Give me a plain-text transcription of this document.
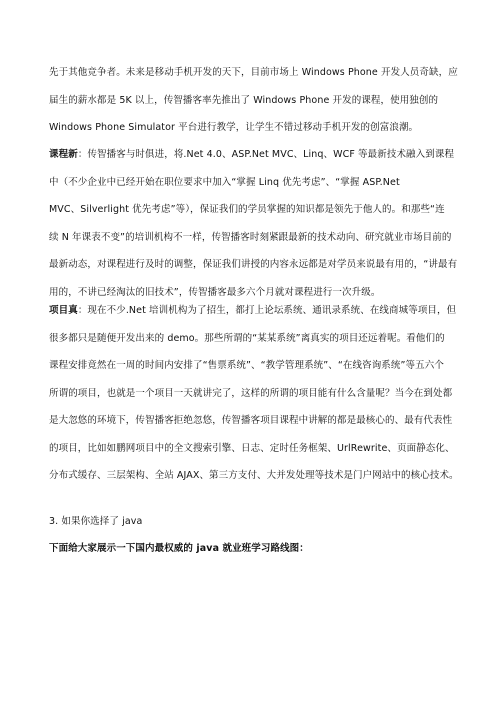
先于其他竞争者。未来是移动手机开发的天下，目前市场上 Windows Phone 开发人员奇缺，应
届生的薪水都是 5K 以上，传智播客率先推出了 Windows Phone 开发的课程，使用独创的
Windows Phone Simulator 平台进行教学，让学生不错过移动手机开发的创富浪潮。

课程新：传智播客与时俱进，将.Net 4.0、ASP.Net MVC、Linq、WCF 等最新技术融入到课程
中（不少企业中已经开始在职位要求中加入“掌握 Linq 优先考虑”、“掌握 ASP.Net
MVC、Silverlight 优先考虑”等），保证我们的学员掌握的知识都是领先于他人的。和那些“连
续 N 年课表不变”的培训机构不一样，传智播客时刻紧跟最新的技术动向、研究就业市场目前的
最新动态，对课程进行及时的调整，保证我们讲授的内容永远都是对学员来说最有用的，“讲最有
用的，不讲已经淘汰的旧技术”，传智播客最多六个月就对课程进行一次升级。

项目真：现在不少.Net 培训机构为了招生，都打上论坛系统、通讯录系统、在线商城等项目，但
很多都只是随便开发出来的 demo。那些所谓的“某某系统”离真实的项目还远着呢。看他们的
课程安排竟然在一周的时间内安排了“售票系统”、“教学管理系统”、“在线咨询系统”等五六个
所谓的项目，也就是一个项目一天就讲完了，这样的所谓的项目能有什么含量呢？当今在到处都
是大忽悠的环境下，传智播客拒绝忽悠，传智播客项目课程中讲解的都是最核心的、最有代表性
的项目，比如如鹏网项目中的全文搜索引擎、日志、定时任务框架、UrlRewrite、页面静态化、
分布式缓存、三层架构、全站 AJAX、第三方支付、大并发处理等技术是门户网站中的核心技术。

3. 如果你选择了 java

下面给大家展示一下国内最权威的 java 就业班学习路线图：
